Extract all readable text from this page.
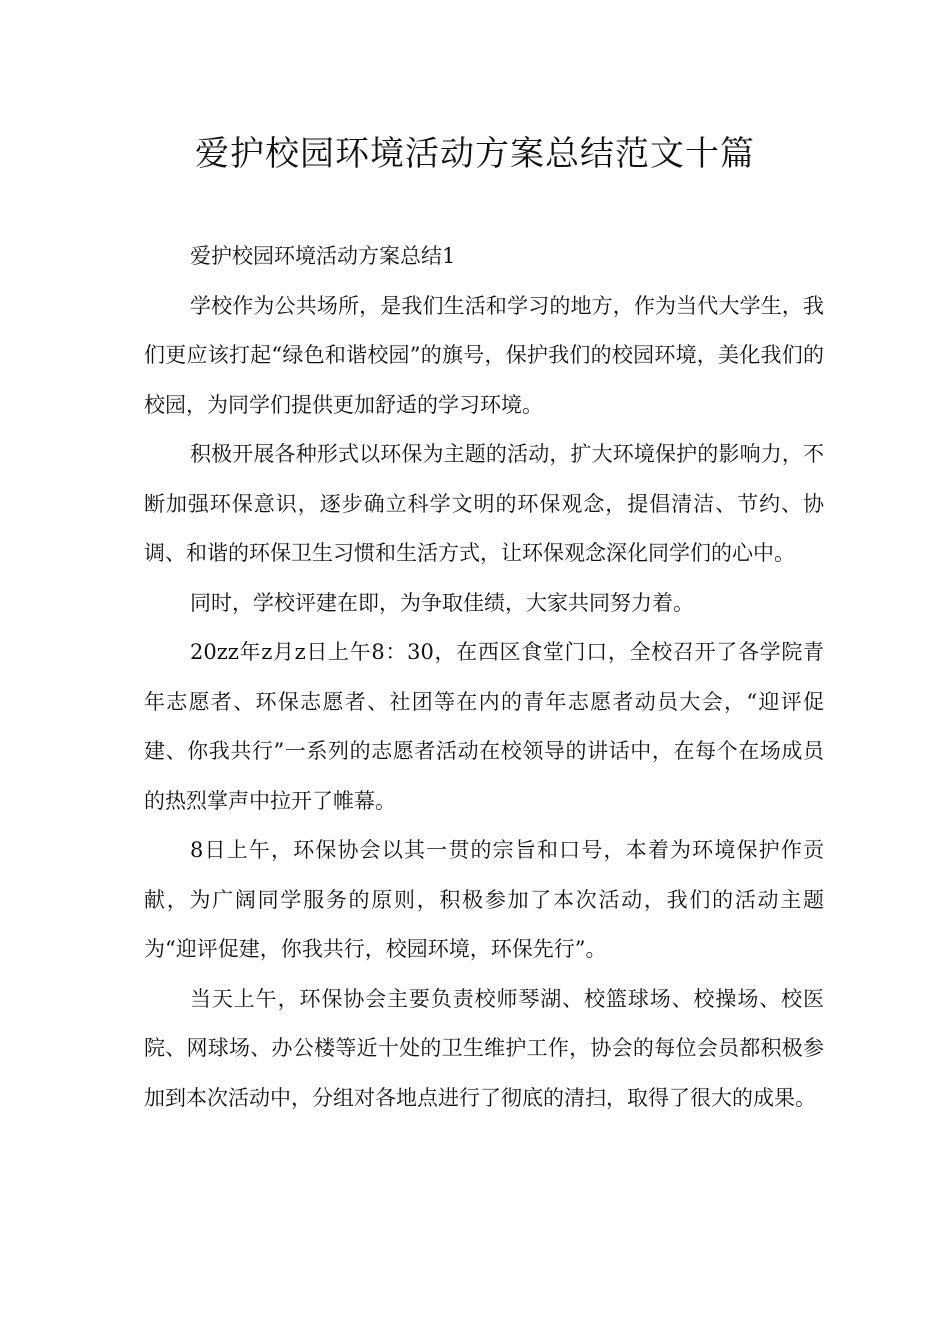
爱护校园环境活动方案总结范文十篇

爱护校园环境活动方案总结1

学校作为公共场所，是我们生活和学习的地方，作为当代大学生，我们更应该打起“绿色和谐校园”的旗号，保护我们的校园环境，美化我们的校园，为同学们提供更加舒适的学习环境。

积极开展各种形式以环保为主题的活动，扩大环境保护的影响力，不断加强环保意识，逐步确立科学文明的环保观念，提倡清洁、节约、协调、和谐的环保卫生习惯和生活方式，让环保观念深化同学们的心中。

同时，学校评建在即，为争取佳绩，大家共同努力着。

20zz年z月z日上午8：30，在西区食堂门口，全校召开了各学院青年志愿者、环保志愿者、社团等在内的青年志愿者动员大会，“迎评促建、你我共行”一系列的志愿者活动在校领导的讲话中，在每个在场成员的热烈掌声中拉开了帷幕。

8日上午，环保协会以其一贯的宗旨和口号，本着为环境保护作贡献，为广阔同学服务的原则，积极参加了本次活动，我们的活动主题为“迎评促建，你我共行，校园环境，环保先行”。

当天上午，环保协会主要负责校师琴湖、校篮球场、校操场、校医院、网球场、办公楼等近十处的卫生维护工作，协会的每位会员都积极参加到本次活动中，分组对各地点进行了彻底的清扫，取得了很大的成果。
